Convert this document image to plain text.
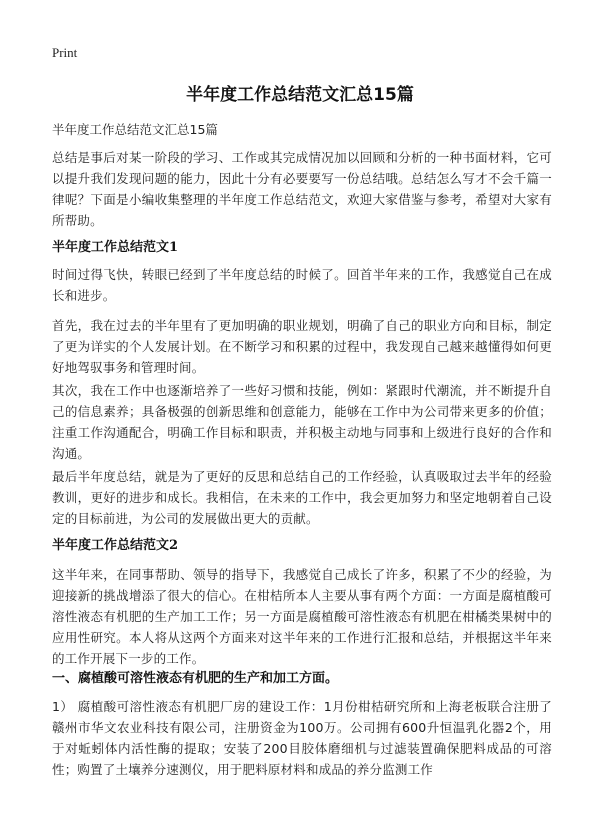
Print
半年度工作总结范文汇总15篇
半年度工作总结范文汇总15篇
总结是事后对某一阶段的学习、工作或其完成情况加以回顾和分析的一种书面材料，它可以提升我们发现问题的能力，因此十分有必要要写一份总结哦。总结怎么写才不会千篇一律呢？下面是小编收集整理的半年度工作总结范文，欢迎大家借鉴与参考，希望对大家有所帮助。
半年度工作总结范文1
时间过得飞快，转眼已经到了半年度总结的时候了。回首半年来的工作，我感觉自己在成长和进步。
首先，我在过去的半年里有了更加明确的职业规划，明确了自己的职业方向和目标，制定了更为详实的个人发展计划。在不断学习和积累的过程中，我发现自己越来越懂得如何更好地驾驭事务和管理时间。
其次，我在工作中也逐渐培养了一些好习惯和技能，例如：紧跟时代潮流，并不断提升自己的信息素养；具备极强的创新思维和创意能力，能够在工作中为公司带来更多的价值；注重工作沟通配合，明确工作目标和职责，并积极主动地与同事和上级进行良好的合作和沟通。
最后半年度总结，就是为了更好的反思和总结自己的工作经验，认真吸取过去半年的经验教训，更好的进步和成长。我相信，在未来的工作中，我会更加努力和坚定地朝着自己设定的目标前进，为公司的发展做出更大的贡献。
半年度工作总结范文2
这半年来，在同事帮助、领导的指导下，我感觉自己成长了许多，积累了不少的经验，为迎接新的挑战增添了很大的信心。在柑桔所本人主要从事有两个方面：一方面是腐植酸可溶性液态有机肥的生产加工工作；另一方面是腐植酸可溶性液态有机肥在柑橘类果树中的应用性研究。本人将从这两个方面来对这半年来的工作进行汇报和总结，并根据这半年来的工作开展下一步的工作。
一、腐植酸可溶性液态有机肥的生产和加工方面。
1） 腐植酸可溶性液态有机肥厂房的建设工作：1月份柑桔研究所和上海老板联合注册了赣州市华文农业科技有限公司，注册资金为100万。公司拥有600升恒温乳化器2个，用于对蚯蚓体内活性酶的提取；安装了200目胶体磨细机与过滤装置确保肥料成品的可溶性；购置了土壤养分速测仪，用于肥料原材料和成品的养分监测工作
